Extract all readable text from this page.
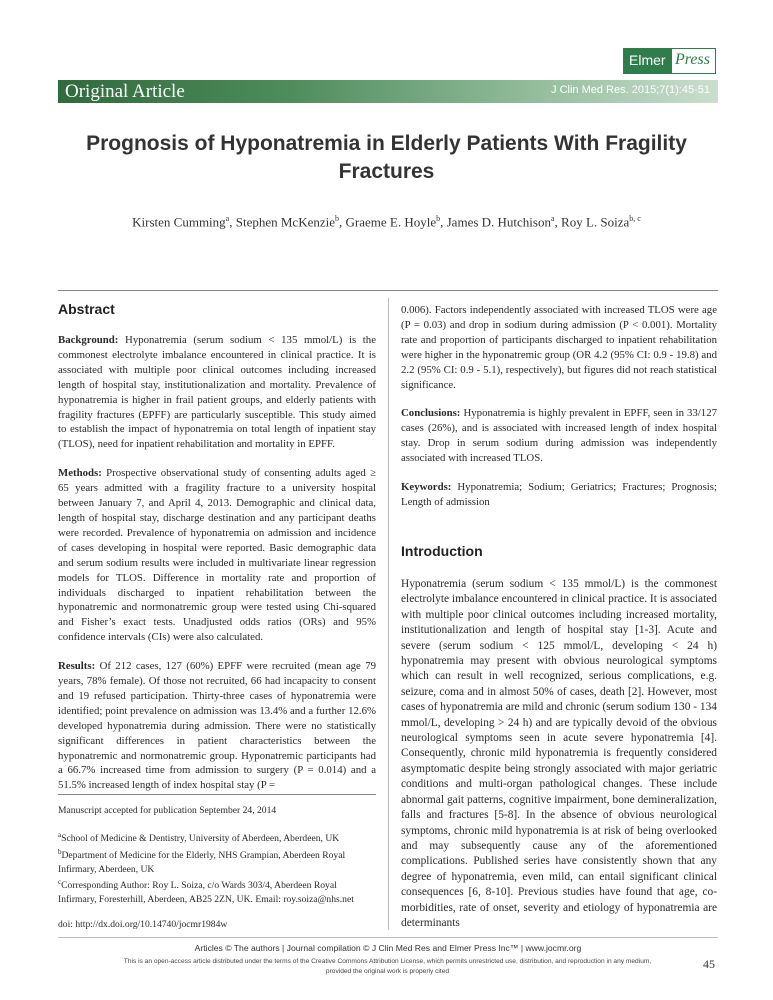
Elmer Press
Original Article	J Clin Med Res. 2015;7(1):45-51
Prognosis of Hyponatremia in Elderly Patients With Fragility Fractures
Kirsten Cumming$^a$, Stephen McKenzie$^b$, Graeme E. Hoyle$^b$, James D. Hutchison$^a$, Roy L. Soiza$^{b, c}$
Abstract

Background: Hyponatremia (serum sodium < 135 mmol/L) is the commonest electrolyte imbalance encountered in clinical practice. It is associated with multiple poor clinical outcomes including increased length of hospital stay, institutionalization and mortality. Prevalence of hyponatremia is higher in frail patient groups, and elderly patients with fragility fractures (EPFF) are particularly susceptible. This study aimed to establish the impact of hyponatremia on total length of inpatient stay (TLOS), need for inpatient rehabilitation and mortality in EPFF.

Methods: Prospective observational study of consenting adults aged ≥ 65 years admitted with a fragility fracture to a university hospital between January 7, and April 4, 2013. Demographic and clinical data, length of hospital stay, discharge destination and any participant deaths were recorded. Prevalence of hyponatremia on admission and incidence of cases developing in hospital were reported. Basic demographic data and serum sodium results were included in multivariate linear regression models for TLOS. Difference in mortality rate and proportion of individuals discharged to inpatient rehabilitation between the hyponatremic and normonatremic group were tested using Chi-squared and Fisher’s exact tests. Unadjusted odds ratios (ORs) and 95% confidence intervals (CIs) were also calculated.

Results: Of 212 cases, 127 (60%) EPFF were recruited (mean age 79 years, 78% female). Of those not recruited, 66 had incapacity to consent and 19 refused participation. Thirty-three cases of hyponatremia were identified; point prevalence on admission was 13.4% and a further 12.6% developed hyponatremia during admission. There were no statistically significant differences in patient characteristics between the hyponatremic and normonatremic group. Hyponatremic participants had a 66.7% increased time from admission to surgery (P = 0.014) and a 51.5% increased length of index hospital stay (P =

0.006). Factors independently associated with increased TLOS were age (P = 0.03) and drop in sodium during admission (P < 0.001). Mortality rate and proportion of participants discharged to inpatient rehabilitation were higher in the hyponatremic group (OR 4.2 (95% CI: 0.9 - 19.8) and 2.2 (95% CI: 0.9 - 5.1), respectively), but figures did not reach statistical significance.

Conclusions: Hyponatremia is highly prevalent in EPFF, seen in 33/127 cases (26%), and is associated with increased length of index hospital stay. Drop in serum sodium during admission was independently associated with increased TLOS.

Keywords: Hyponatremia; Sodium; Geriatrics; Fractures; Prognosis; Length of admission

Introduction

Hyponatremia (serum sodium < 135 mmol/L) is the commonest electrolyte imbalance encountered in clinical practice. It is associated with multiple poor clinical outcomes including increased mortality, institutionalization and length of hospital stay [1-3]. Acute and severe (serum sodium < 125 mmol/L, developing < 24 h) hyponatremia may present with obvious neurological symptoms which can result in well recognized, serious complications, e.g. seizure, coma and in almost 50% of cases, death [2]. However, most cases of hyponatremia are mild and chronic (serum sodium 130 - 134 mmol/L, developing > 24 h) and are typically devoid of the obvious neurological symptoms seen in acute severe hyponatremia [4]. Consequently, chronic mild hyponatremia is frequently considered asymptomatic despite being strongly associated with major geriatric conditions and multi-organ pathological changes. These include abnormal gait patterns, cognitive impairment, bone demineralization, falls and fractures [5-8]. In the absence of obvious neurological symptoms, chronic mild hyponatremia is at risk of being overlooked and may subsequently cause any of the aforementioned complications. Published series have consistently shown that any degree of hyponatremia, even mild, can entail significant clinical consequences [6, 8-10]. Previous studies have found that age, co-morbidities, rate of onset, severity and etiology of hyponatremia are determinants

Manuscript accepted for publication September 24, 2014

$^a$School of Medicine & Dentistry, University of Aberdeen, Aberdeen, UK

$^b$Department of Medicine for the Elderly, NHS Grampian, Aberdeen Royal Infirmary, Aberdeen, UK

$^c$Corresponding Author: Roy L. Soiza, c/o Wards 303/4, Aberdeen Royal Infirmary, Foresterhill, Aberdeen, AB25 2ZN, UK. Email: roy.soiza@nhs.net

doi: http://dx.doi.org/10.14740/jocmr1984w

Articles © The authors | Journal compilation © J Clin Med Res and Elmer Press Inc™ | www.jocmr.org
This is an open-access article distributed under the terms of the Creative Commons Attribution License, which permits unrestricted use, distribution, and reproduction in any medium, provided the original work is properly cited
45
